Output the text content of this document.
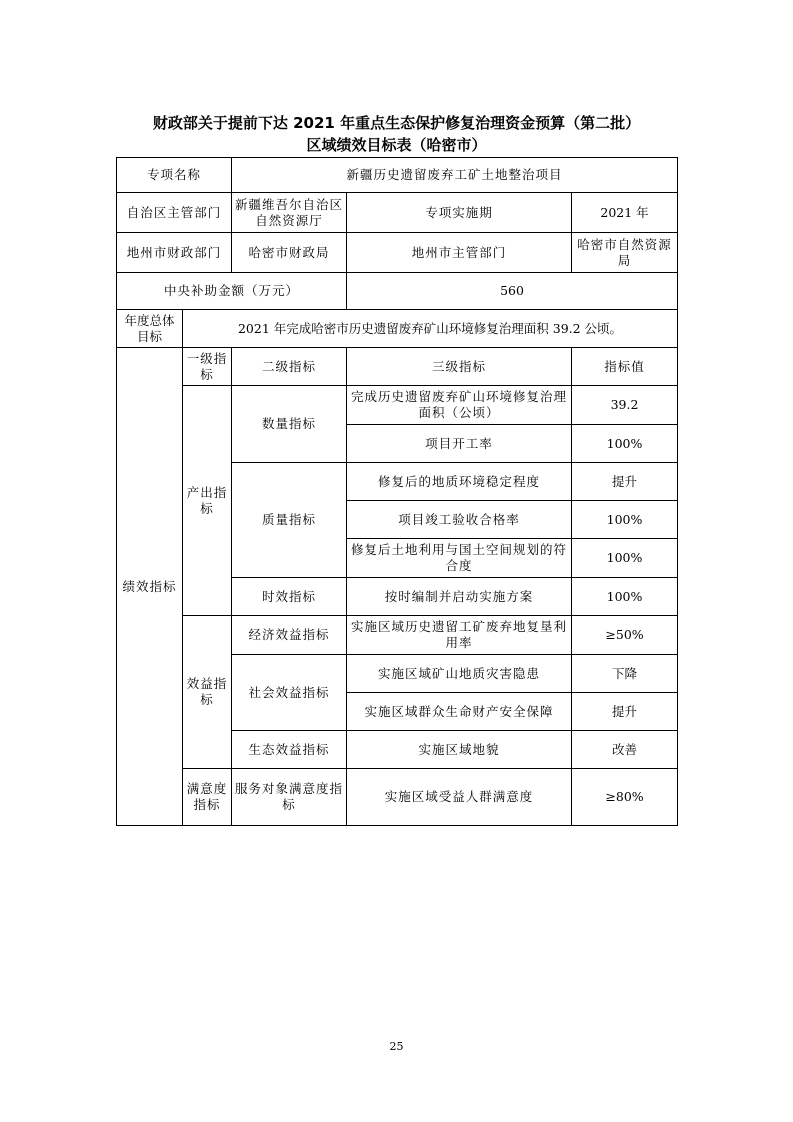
财政部关于提前下达 2021 年重点生态保护修复治理资金预算（第二批）
区域绩效目标表（哈密市）
专项名称		新疆历史遗留废弃工矿土地整治项目		
自治区主管部门		新疆维吾尔自治区自然资源厅	专项实施期	2021 年
地州市财政部门		哈密市财政局	地州市主管部门	哈密市自然资源局
中央补助金额（万元）			560	
年度总体目标	2021 年完成哈密市历史遗留废弃矿山环境修复治理面积 39.2 公顷。			
绩效指标	一级指标	二级指标	三级指标	指标值
	产出指标	数量指标	完成历史遗留废弃矿山环境修复治理面积（公顷）	39.2
			项目开工率	100%
		质量指标	修复后的地质环境稳定程度	提升
			项目竣工验收合格率	100%
			修复后土地利用与国土空间规划的符合度	100%
		时效指标	按时编制并启动实施方案	100%
	效益指标	经济效益指标	实施区域历史遗留工矿废弃地复垦利用率	≥50%
		社会效益指标	实施区域矿山地质灾害隐患	下降
			实施区域群众生命财产安全保障	提升
		生态效益指标	实施区域地貌	改善
	满意度指标	服务对象满意度指标	实施区域受益人群满意度	≥80%
25
